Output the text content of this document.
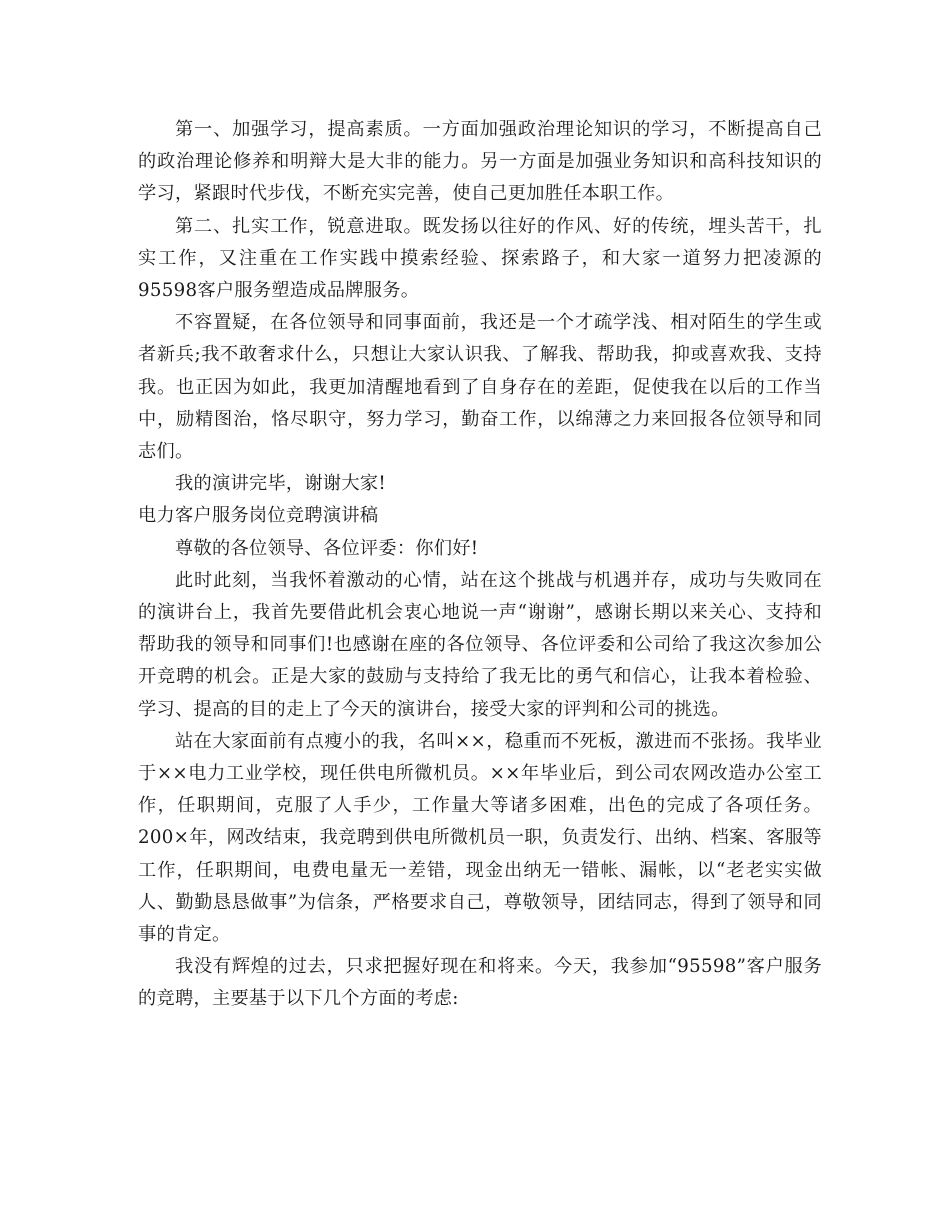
第一、加强学习，提高素质。一方面加强政治理论知识的学习，不断提高自己的政治理论修养和明辩大是大非的能力。另一方面是加强业务知识和高科技知识的学习，紧跟时代步伐，不断充实完善，使自己更加胜任本职工作。

第二、扎实工作，锐意进取。既发扬以往好的作风、好的传统，埋头苦干，扎实工作，又注重在工作实践中摸索经验、探索路子，和大家一道努力把凌源的95598客户服务塑造成品牌服务。

不容置疑，在各位领导和同事面前，我还是一个才疏学浅、相对陌生的学生或者新兵;我不敢奢求什么，只想让大家认识我、了解我、帮助我，抑或喜欢我、支持我。也正因为如此，我更加清醒地看到了自身存在的差距，促使我在以后的工作当中，励精图治，恪尽职守，努力学习，勤奋工作，以绵薄之力来回报各位领导和同志们。

我的演讲完毕，谢谢大家!

电力客户服务岗位竞聘演讲稿

尊敬的各位领导、各位评委：你们好!

此时此刻，当我怀着激动的心情，站在这个挑战与机遇并存，成功与失败同在的演讲台上，我首先要借此机会衷心地说一声“谢谢”，感谢长期以来关心、支持和帮助我的领导和同事们!也感谢在座的各位领导、各位评委和公司给了我这次参加公开竞聘的机会。正是大家的鼓励与支持给了我无比的勇气和信心，让我本着检验、学习、提高的目的走上了今天的演讲台，接受大家的评判和公司的挑选。

站在大家面前有点瘦小的我，名叫××，稳重而不死板，激进而不张扬。我毕业于××电力工业学校，现任供电所微机员。××年毕业后，到公司农网改造办公室工作，任职期间，克服了人手少，工作量大等诸多困难，出色的完成了各项任务。200×年，网改结束，我竞聘到供电所微机员一职，负责发行、出纳、档案、客服等工作，任职期间，电费电量无一差错，现金出纳无一错帐、漏帐，以“老老实实做人、勤勤恳恳做事”为信条，严格要求自己，尊敬领导，团结同志，得到了领导和同事的肯定。

我没有辉煌的过去，只求把握好现在和将来。今天，我参加“95598”客户服务的竞聘，主要基于以下几个方面的考虑:
